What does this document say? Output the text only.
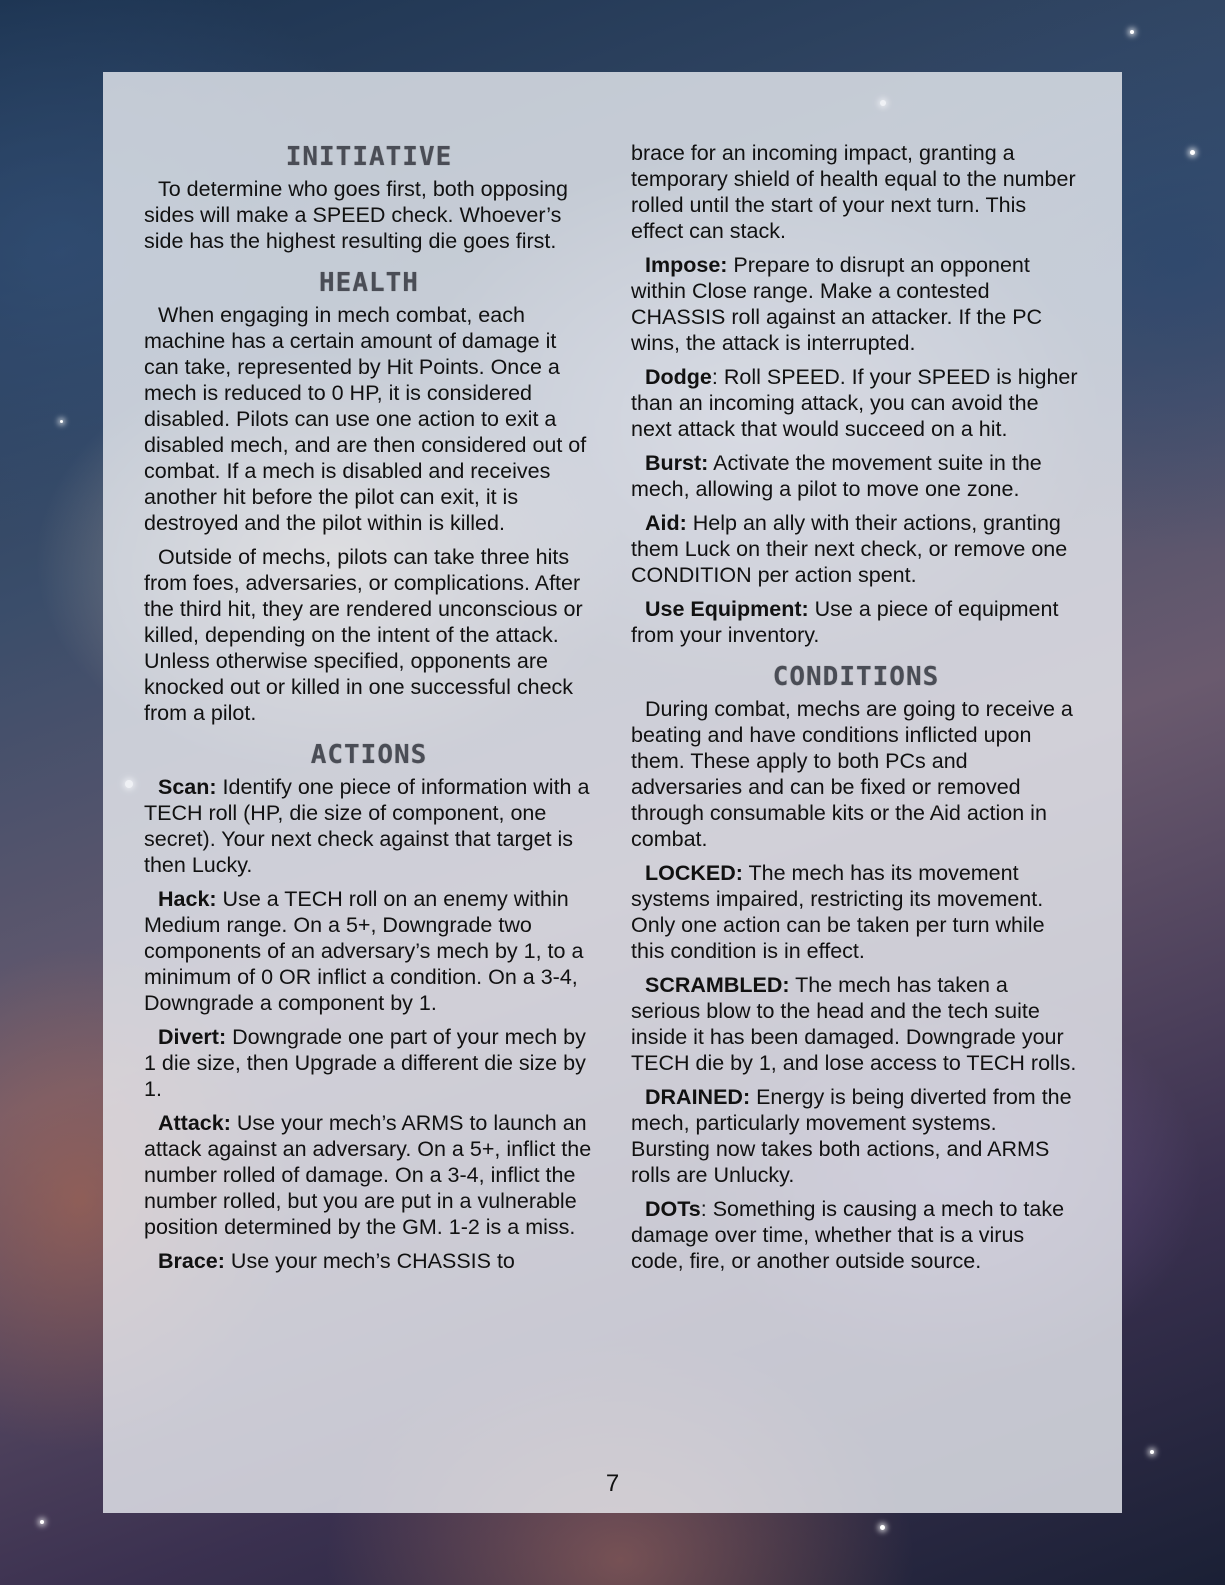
INITIATIVE

To determine who goes first, both opposing sides will make a SPEED check. Whoever’s side has the highest resulting die goes first.

HEALTH

When engaging in mech combat, each machine has a certain amount of damage it can take, represented by Hit Points. Once a mech is reduced to 0 HP, it is considered disabled. Pilots can use one action to exit a disabled mech, and are then considered out of combat. If a mech is disabled and receives another hit before the pilot can exit, it is destroyed and the pilot within is killed.

Outside of mechs, pilots can take three hits from foes, adversaries, or complications. After the third hit, they are rendered unconscious or killed, depending on the intent of the attack. Unless otherwise specified, opponents are knocked out or killed in one successful check from a pilot.

ACTIONS

Scan: Identify one piece of information with a TECH roll (HP, die size of component, one secret). Your next check against that target is then Lucky.

Hack: Use a TECH roll on an enemy within Medium range. On a 5+, Downgrade two components of an adversary’s mech by 1, to a minimum of 0 OR inflict a condition. On a 3-4, Downgrade a component by 1.

Divert: Downgrade one part of your mech by 1 die size, then Upgrade a different die size by 1.

Attack: Use your mech’s ARMS to launch an attack against an adversary. On a 5+, inflict the number rolled of damage. On a 3-4, inflict the number rolled, but you are put in a vulnerable position determined by the GM. 1-2 is a miss.

Brace: Use your mech’s CHASSIS to

brace for an incoming impact, granting a temporary shield of health equal to the number rolled until the start of your next turn. This effect can stack.

Impose: Prepare to disrupt an opponent within Close range. Make a contested CHASSIS roll against an attacker. If the PC wins, the attack is interrupted.

Dodge: Roll SPEED. If your SPEED is higher than an incoming attack, you can avoid the next attack that would succeed on a hit.

Burst: Activate the movement suite in the mech, allowing a pilot to move one zone.

Aid: Help an ally with their actions, granting them Luck on their next check, or remove one CONDITION per action spent.

Use Equipment: Use a piece of equipment from your inventory.

CONDITIONS

During combat, mechs are going to receive a beating and have conditions inflicted upon them. These apply to both PCs and adversaries and can be fixed or removed through consumable kits or the Aid action in combat.

LOCKED: The mech has its movement systems impaired, restricting its movement. Only one action can be taken per turn while this condition is in effect.

SCRAMBLED: The mech has taken a serious blow to the head and the tech suite inside it has been damaged. Downgrade your TECH die by 1, and lose access to TECH rolls.

DRAINED: Energy is being diverted from the mech, particularly movement systems. Bursting now takes both actions, and ARMS rolls are Unlucky.

DOTs: Something is causing a mech to take damage over time, whether that is a virus code, fire, or another outside source.

7
